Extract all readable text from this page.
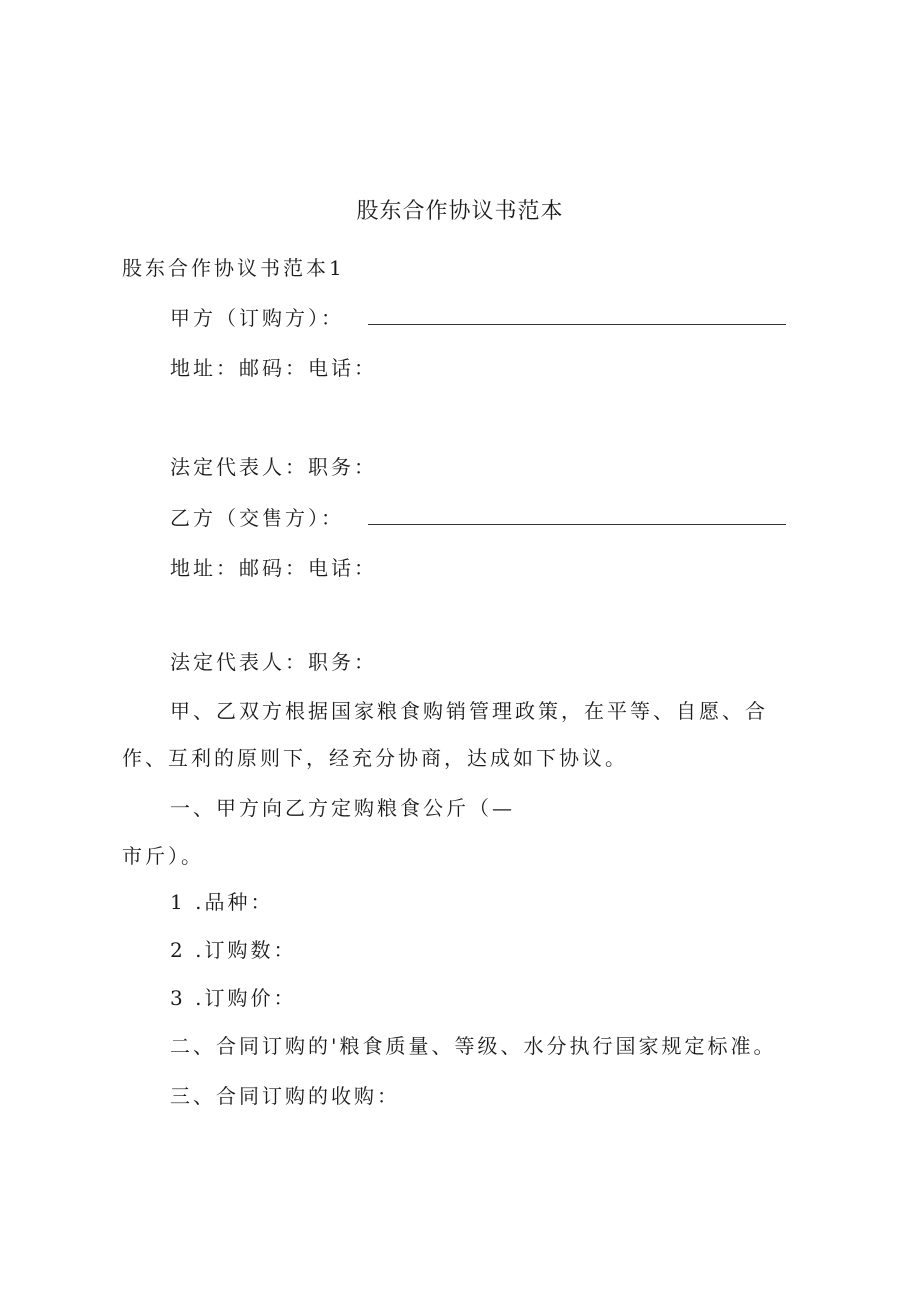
股东合作协议书范本
股东合作协议书范本1
甲方（订购方）：
地址：邮码：电话：
法定代表人：职务：
乙方（交售方）：
地址：邮码：电话：
法定代表人：职务：
甲、乙双方根据国家粮食购销管理政策，在平等、自愿、合
作、互利的原则下，经充分协商，达成如下协议。
一、甲方向乙方定购粮食公斤（—
市斤）。
1 .品种：
2 .订购数：
3 .订购价：
二、合同订购的'粮食质量、等级、水分执行国家规定标准。
三、合同订购的收购：
